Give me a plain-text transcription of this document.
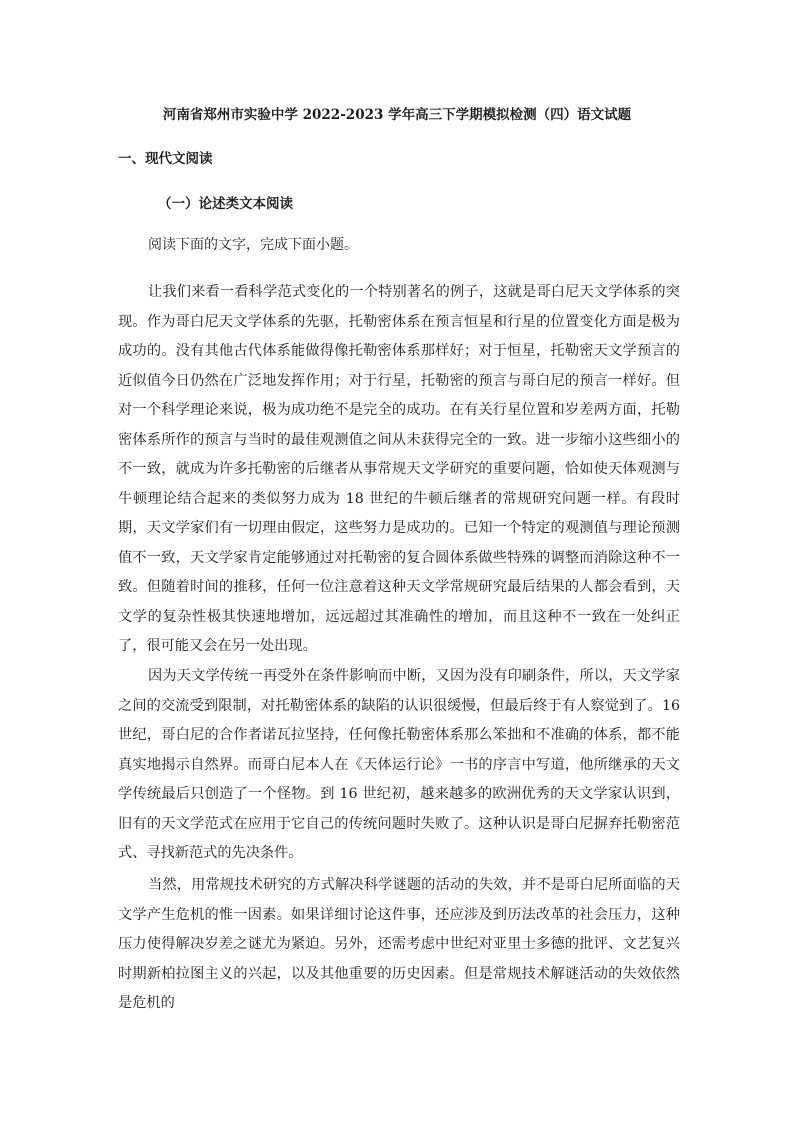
河南省郑州市实验中学 2022-2023 学年高三下学期模拟检测（四）语文试题
一、现代文阅读
（一）论述类文本阅读
阅读下面的文字，完成下面小题。

让我们来看一看科学范式变化的一个特别著名的例子，这就是哥白尼天文学体系的突现。作为哥白尼天文学体系的先驱，托勒密体系在预言恒星和行星的位置变化方面是极为成功的。没有其他古代体系能做得像托勒密体系那样好；对于恒星，托勒密天文学预言的近似值今日仍然在广泛地发挥作用；对于行星，托勒密的预言与哥白尼的预言一样好。但对一个科学理论来说，极为成功绝不是完全的成功。在有关行星位置和岁差两方面，托勒密体系所作的预言与当时的最佳观测值之间从未获得完全的一致。进一步缩小这些细小的不一致，就成为许多托勒密的后继者从事常规天文学研究的重要问题，恰如使天体观测与牛顿理论结合起来的类似努力成为 18 世纪的牛顿后继者的常规研究问题一样。有段时期，天文学家们有一切理由假定，这些努力是成功的。已知一个特定的观测值与理论预测值不一致，天文学家肯定能够通过对托勒密的复合圆体系做些特殊的调整而消除这种不一致。但随着时间的推移，任何一位注意着这种天文学常规研究最后结果的人都会看到，天文学的复杂性极其快速地增加，远远超过其准确性的增加，而且这种不一致在一处纠正了，很可能又会在另一处出现。

因为天文学传统一再受外在条件影响而中断，又因为没有印刷条件，所以，天文学家之间的交流受到限制，对托勒密体系的缺陷的认识很缓慢，但最后终于有人察觉到了。16 世纪，哥白尼的合作者诺瓦拉坚持，任何像托勒密体系那么笨拙和不准确的体系，都不能真实地揭示自然界。而哥白尼本人在《天体运行论》一书的序言中写道，他所继承的天文学传统最后只创造了一个怪物。到 16 世纪初，越来越多的欧洲优秀的天文学家认识到，旧有的天文学范式在应用于它自己的传统问题时失败了。这种认识是哥白尼摒弃托勒密范式、寻找新范式的先决条件。

当然，用常规技术研究的方式解决科学谜题的活动的失效，并不是哥白尼所面临的天文学产生危机的惟一因素。如果详细讨论这件事，还应涉及到历法改革的社会压力，这种压力使得解决岁差之谜尤为紧迫。另外，还需考虑中世纪对亚里士多德的批评、文艺复兴时期新柏拉图主义的兴起，以及其他重要的历史因素。但是常规技术解谜活动的失效依然是危机的
